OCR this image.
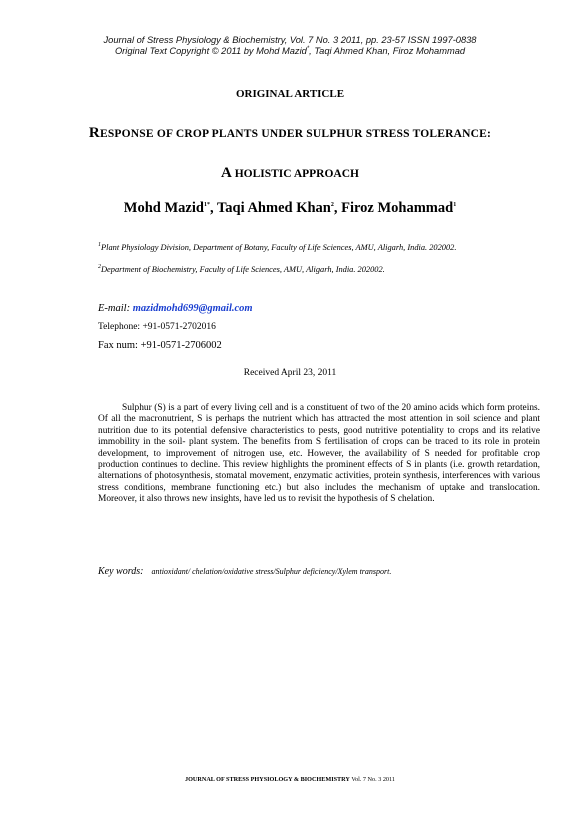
Journal of Stress Physiology & Biochemistry, Vol. 7 No. 3 2011, pp. 23-57 ISSN 1997-0838
Original Text Copyright © 2011 by Mohd Mazid*, Taqi Ahmed Khan, Firoz Mohammad
ORIGINAL ARTICLE
RESPONSE OF CROP PLANTS UNDER SULPHUR STRESS TOLERANCE:
A HOLISTIC APPROACH
Mohd Mazid$^{1*}$, Taqi Ahmed Khan$^2$, Firoz Mohammad$^1$
$^1$Plant Physiology Division, Department of Botany, Faculty of Life Sciences, AMU, Aligarh, India. 202002.
$^2$Department of Biochemistry, Faculty of Life Sciences, AMU, Aligarh, India. 202002.
E-mail: mazidmohd699@gmail.com
Telephone: +91-0571-2702016
Fax num: +91-0571-2706002
Received April 23, 2011

Sulphur (S) is a part of every living cell and is a constituent of two of the 20 amino acids which form proteins. Of all the macronutrient, S is perhaps the nutrient which has attracted the most attention in soil science and plant nutrition due to its potential defensive characteristics to pests, good nutritive potentiality to crops and its relative immobility in the soil- plant system. The benefits from S fertilisation of crops can be traced to its role in protein development, to improvement of nitrogen use, etc. However, the availability of S needed for profitable crop production continues to decline. This review highlights the prominent effects of S in plants (i.e. growth retardation, alternations of photosynthesis, stomatal movement, enzymatic activities, protein synthesis, interferences with various stress conditions, membrane functioning etc.) but also includes the mechanism of uptake and translocation. Moreover, it also throws new insights, have led us to revisit the hypothesis of S chelation.

Key words: antioxidant/ chelation/oxidative stress/Sulphur deficiency/Xylem transport.
JOURNAL OF STRESS PHYSIOLOGY & BIOCHEMISTRY Vol. 7 No. 3 2011
